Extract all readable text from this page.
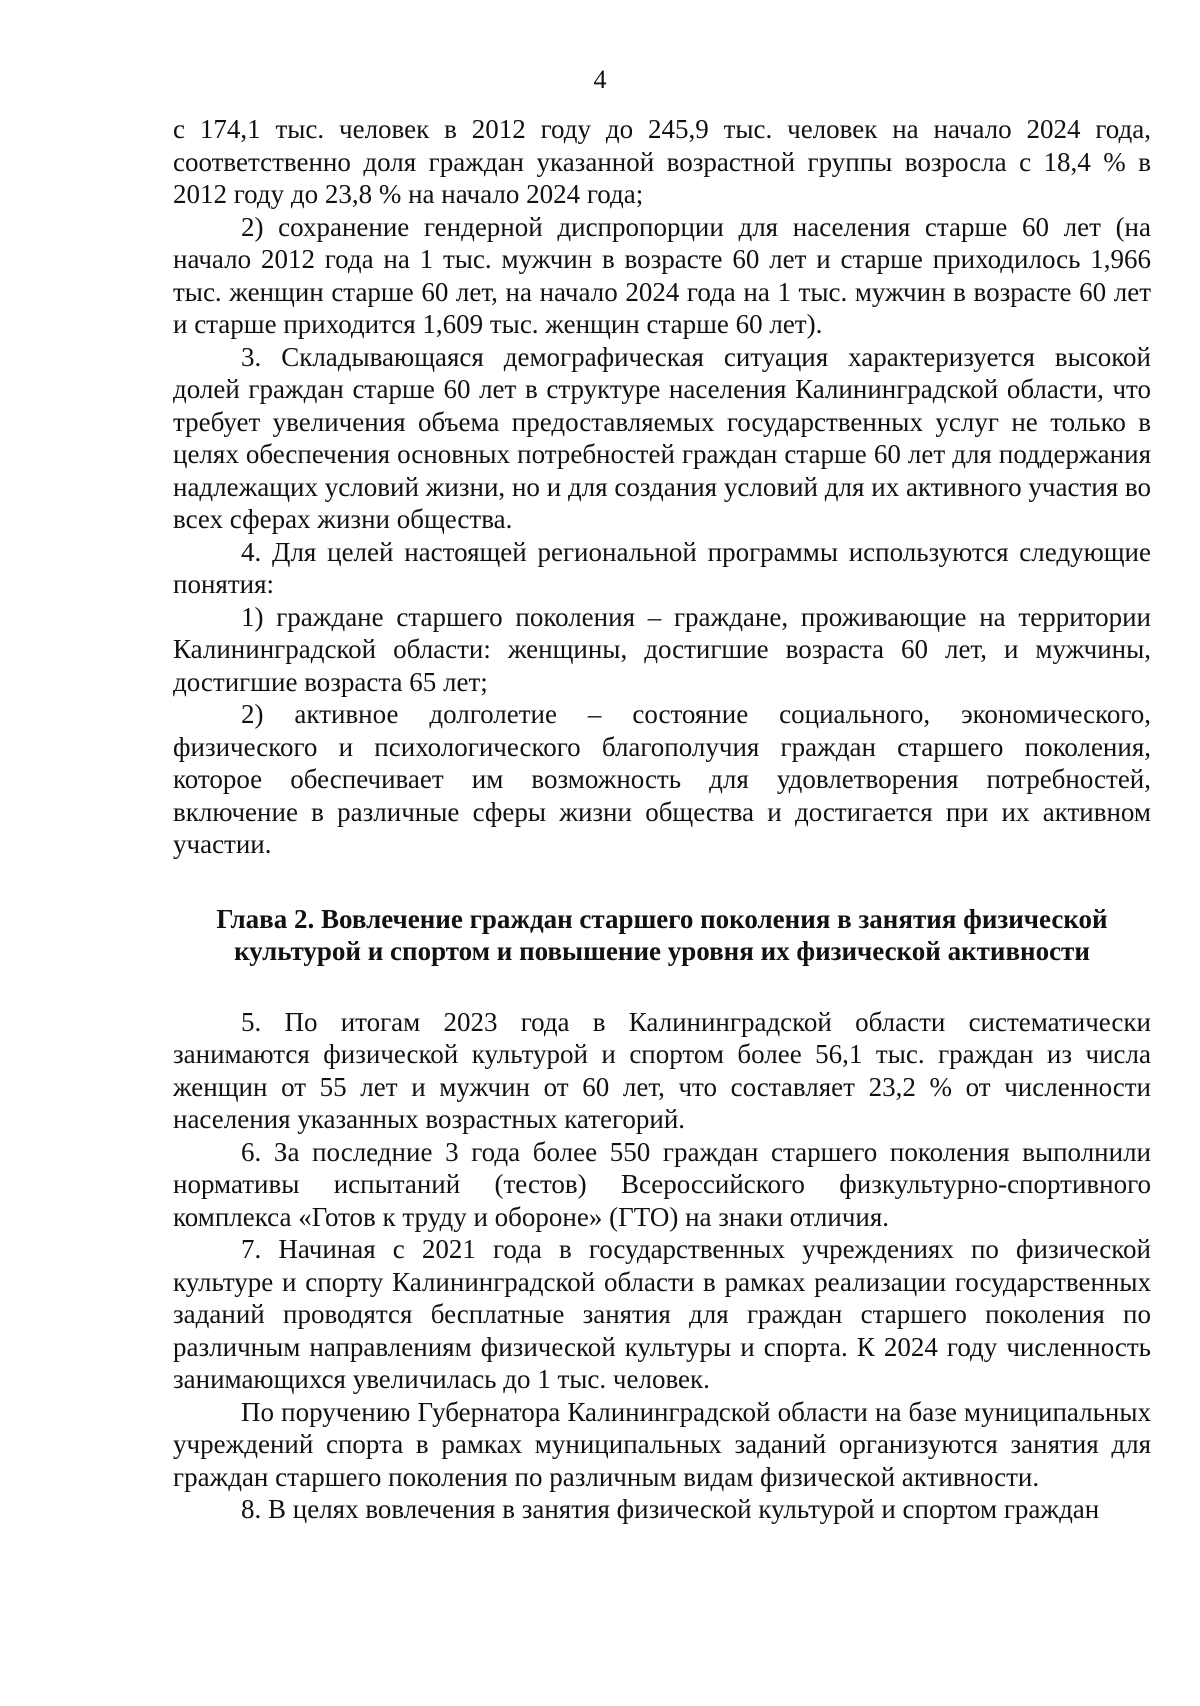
4

с 174,1 тыс. человек в 2012 году до 245,9 тыс. человек на начало 2024 года, соответственно доля граждан указанной возрастной группы возросла с 18,4 % в 2012 году до 23,8 % на начало 2024 года;

2) сохранение гендерной диспропорции для населения старше 60 лет (на начало 2012 года на 1 тыс. мужчин в возрасте 60 лет и старше приходилось 1,966 тыс. женщин старше 60 лет, на начало 2024 года на 1 тыс. мужчин в возрасте 60 лет и старше приходится 1,609 тыс. женщин старше 60 лет).

3. Складывающаяся демографическая ситуация характеризуется высокой долей граждан старше 60 лет в структуре населения Калининградской области, что требует увеличения объема предоставляемых государственных услуг не только в целях обеспечения основных потребностей граждан старше 60 лет для поддержания надлежащих условий жизни, но и для создания условий для их активного участия во всех сферах жизни общества.

4. Для целей настоящей региональной программы используются следующие понятия:

1) граждане старшего поколения – граждане, проживающие на территории Калининградской области: женщины, достигшие возраста 60 лет, и мужчины, достигшие возраста 65 лет;

2) активное долголетие – состояние социального, экономического, физического и психологического благополучия граждан старшего поколения, которое обеспечивает им возможность для удовлетворения потребностей, включение в различные сферы жизни общества и достигается при их активном участии.

Глава 2. Вовлечение граждан старшего поколения в занятия физической
культурой и спортом и повышение уровня их физической активности

5. По итогам 2023 года в Калининградской области систематически занимаются физической культурой и спортом более 56,1 тыс. граждан из числа женщин от 55 лет и мужчин от 60 лет, что составляет 23,2 % от численности населения указанных возрастных категорий.

6. За последние 3 года более 550 граждан старшего поколения выполнили нормативы испытаний (тестов) Всероссийского физкультурно-спортивного комплекса «Готов к труду и обороне» (ГТО) на знаки отличия.

7. Начиная с 2021 года в государственных учреждениях по физической культуре и спорту Калининградской области в рамках реализации государственных заданий проводятся бесплатные занятия для граждан старшего поколения по различным направлениям физической культуры и спорта. К 2024 году численность занимающихся увеличилась до 1 тыс. человек.

По поручению Губернатора Калининградской области на базе муниципальных учреждений спорта в рамках муниципальных заданий организуются занятия для граждан старшего поколения по различным видам физической активности.

8. В целях вовлечения в занятия физической культурой и спортом граждан
